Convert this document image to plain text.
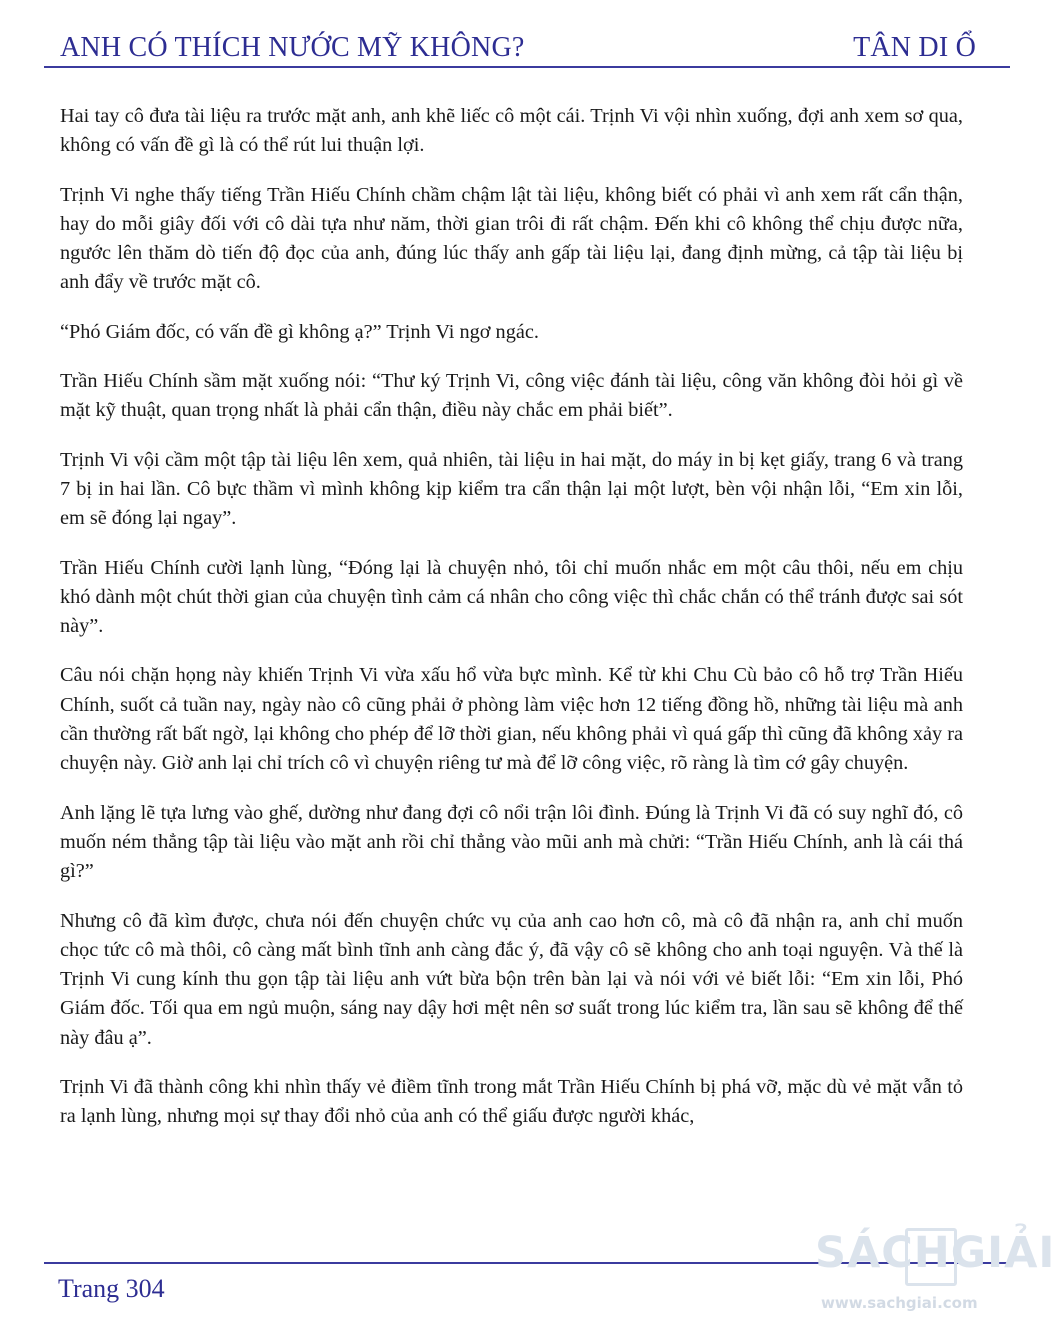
ANH CÓ THÍCH NƯỚC MỸ KHÔNG?	TÂN DI Ổ

Hai tay cô đưa tài liệu ra trước mặt anh, anh khẽ liếc cô một cái. Trịnh Vi vội nhìn xuống, đợi anh xem sơ qua, không có vấn đề gì là có thể rút lui thuận lợi.

Trịnh Vi nghe thấy tiếng Trần Hiếu Chính chầm chậm lật tài liệu, không biết có phải vì anh xem rất cẩn thận, hay do mỗi giây đối với cô dài tựa như năm, thời gian trôi đi rất chậm. Đến khi cô không thể chịu được nữa, ngước lên thăm dò tiến độ đọc của anh, đúng lúc thấy anh gấp tài liệu lại, đang định mừng, cả tập tài liệu bị anh đẩy về trước mặt cô.

“Phó Giám đốc, có vấn đề gì không ạ?” Trịnh Vi ngơ ngác.

Trần Hiếu Chính sầm mặt xuống nói: “Thư ký Trịnh Vi, công việc đánh tài liệu, công văn không đòi hỏi gì về mặt kỹ thuật, quan trọng nhất là phải cẩn thận, điều này chắc em phải biết”.

Trịnh Vi vội cầm một tập tài liệu lên xem, quả nhiên, tài liệu in hai mặt, do máy in bị kẹt giấy, trang 6 và trang 7 bị in hai lần. Cô bực thầm vì mình không kịp kiểm tra cẩn thận lại một lượt, bèn vội nhận lỗi, “Em xin lỗi, em sẽ đóng lại ngay”.

Trần Hiếu Chính cười lạnh lùng, “Đóng lại là chuyện nhỏ, tôi chỉ muốn nhắc em một câu thôi, nếu em chịu khó dành một chút thời gian của chuyện tình cảm cá nhân cho công việc thì chắc chắn có thể tránh được sai sót này”.

Câu nói chặn họng này khiến Trịnh Vi vừa xấu hổ vừa bực mình. Kể từ khi Chu Cù bảo cô hỗ trợ Trần Hiếu Chính, suốt cả tuần nay, ngày nào cô cũng phải ở phòng làm việc hơn 12 tiếng đồng hồ, những tài liệu mà anh cần thường rất bất ngờ, lại không cho phép để lỡ thời gian, nếu không phải vì quá gấp thì cũng đã không xảy ra chuyện này. Giờ anh lại chỉ trích cô vì chuyện riêng tư mà để lỡ công việc, rõ ràng là tìm cớ gây chuyện.

Anh lặng lẽ tựa lưng vào ghế, dường như đang đợi cô nổi trận lôi đình. Đúng là Trịnh Vi đã có suy nghĩ đó, cô muốn ném thẳng tập tài liệu vào mặt anh rồi chỉ thẳng vào mũi anh mà chửi: “Trần Hiếu Chính, anh là cái thá gì?”

Nhưng cô đã kìm được, chưa nói đến chuyện chức vụ của anh cao hơn cô, mà cô đã nhận ra, anh chỉ muốn chọc tức cô mà thôi, cô càng mất bình tĩnh anh càng đắc ý, đã vậy cô sẽ không cho anh toại nguyện. Và thế là Trịnh Vi cung kính thu gọn tập tài liệu anh vứt bừa bộn trên bàn lại và nói với vẻ biết lỗi: “Em xin lỗi, Phó Giám đốc. Tối qua em ngủ muộn, sáng nay dậy hơi mệt nên sơ suất trong lúc kiểm tra, lần sau sẽ không để thế này đâu ạ”.

Trịnh Vi đã thành công khi nhìn thấy vẻ điềm tĩnh trong mắt Trần Hiếu Chính bị phá vỡ, mặc dù vẻ mặt vẫn tỏ ra lạnh lùng, nhưng mọi sự thay đổi nhỏ của anh có thể giấu được người khác,

Trang 304
SÁCHGIẢI
www.sachgiai.com
